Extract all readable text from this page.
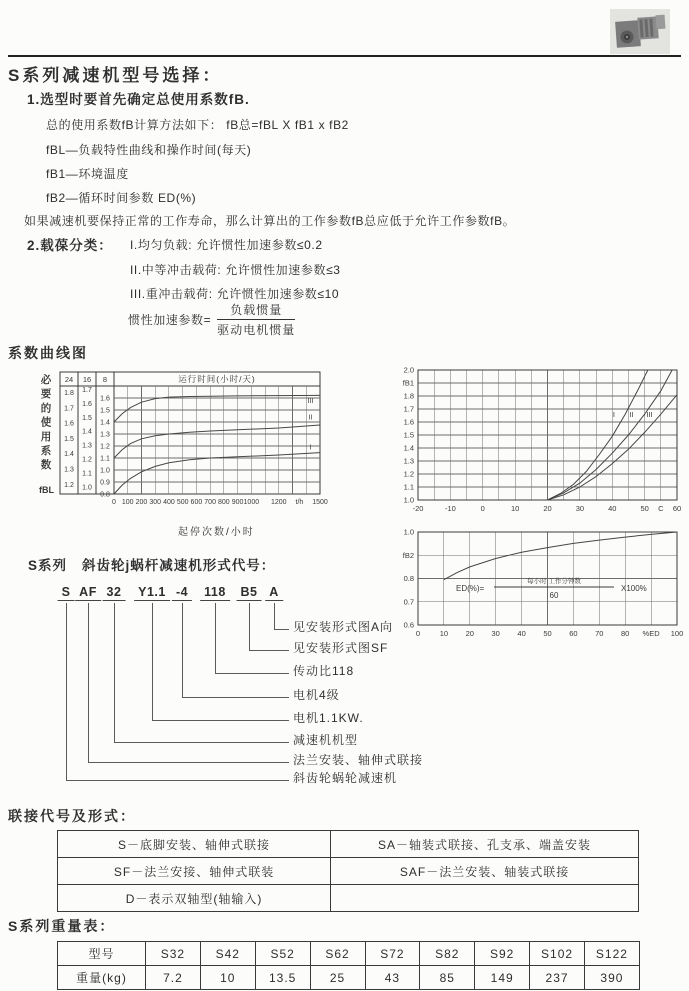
S系列减速机型号选择：
1.选型时要首先确定总使用系数fB.
总的使用系数fB计算方法如下： fB总=fBL X fB1 x fB2
fBL—负载特性曲线和操作时间(每天)
fB1—环境温度
fB2—循环时间参数 ED(%)
如果减速机要保持正常的工作寿命，那么计算出的工作参数fB总应低于允许工作参数fB。
2.载葆分类： I.均匀负载: 允许惯性加速参数≤0.2
II.中等冲击载荷: 允许惯性加速参数≤3
III.重冲击载荷: 允许惯性加速参数≤10
惯性加速参数= $\frac{\text{负载惯量}}{\text{驱动电机惯量}}$
系数曲线图
24 16 8	运行时间(小时/天)
1.8
1.7
1.6
1.5
1.4
1.3
1.2
1.7
1.6
1.5
1.4
1.3
1.2
1.1
1.0
1.6
1.5
1.4
1.3
1.2
1.1
1.0
0.9
0.8
III
II
I
必
要
的
使
用
系
数
fBL
0 100 200 300 400 500 600 700 800 900 1000 1200 t/h 1500
起停次数/小时
2.0
fB1
1.8
1.7
1.6
1.5
1.4
1.3
1.2
1.1
1.0
-20	-10	0	10	20	30	40	50 C 60
I II III
1.0
fB2
0.8
0.7
0.6
0	10 20 30 40 50 60 70 80 %ED 100
ED(%)=
每小时 工作分钟数
60
X100%
S系列 斜齿轮j蜗杆减速机形式代号：
联接代号及形式：
S－底脚安装、轴伸式联接	SA－轴装式联接、孔支承、端盖安装
SF－法兰安接、轴伸式联装	SAF－法兰安装、轴装式联接
D－表示双轴型(轴输入)	
S系列重量表：
型号	S32	S42	S52	S62	S72	S82	S92	S102	S122
重量(kg)	7.2	10	13.5	25	43	85	149	237	390
S AF 32	Y1.1 -4	118	B5 A
见安装形式图A向
见安装形式图SF
传动比118
电机4级
电机1.1KW.
减速机机型
法兰安装、轴伸式联接
斜齿轮蜗轮减速机
